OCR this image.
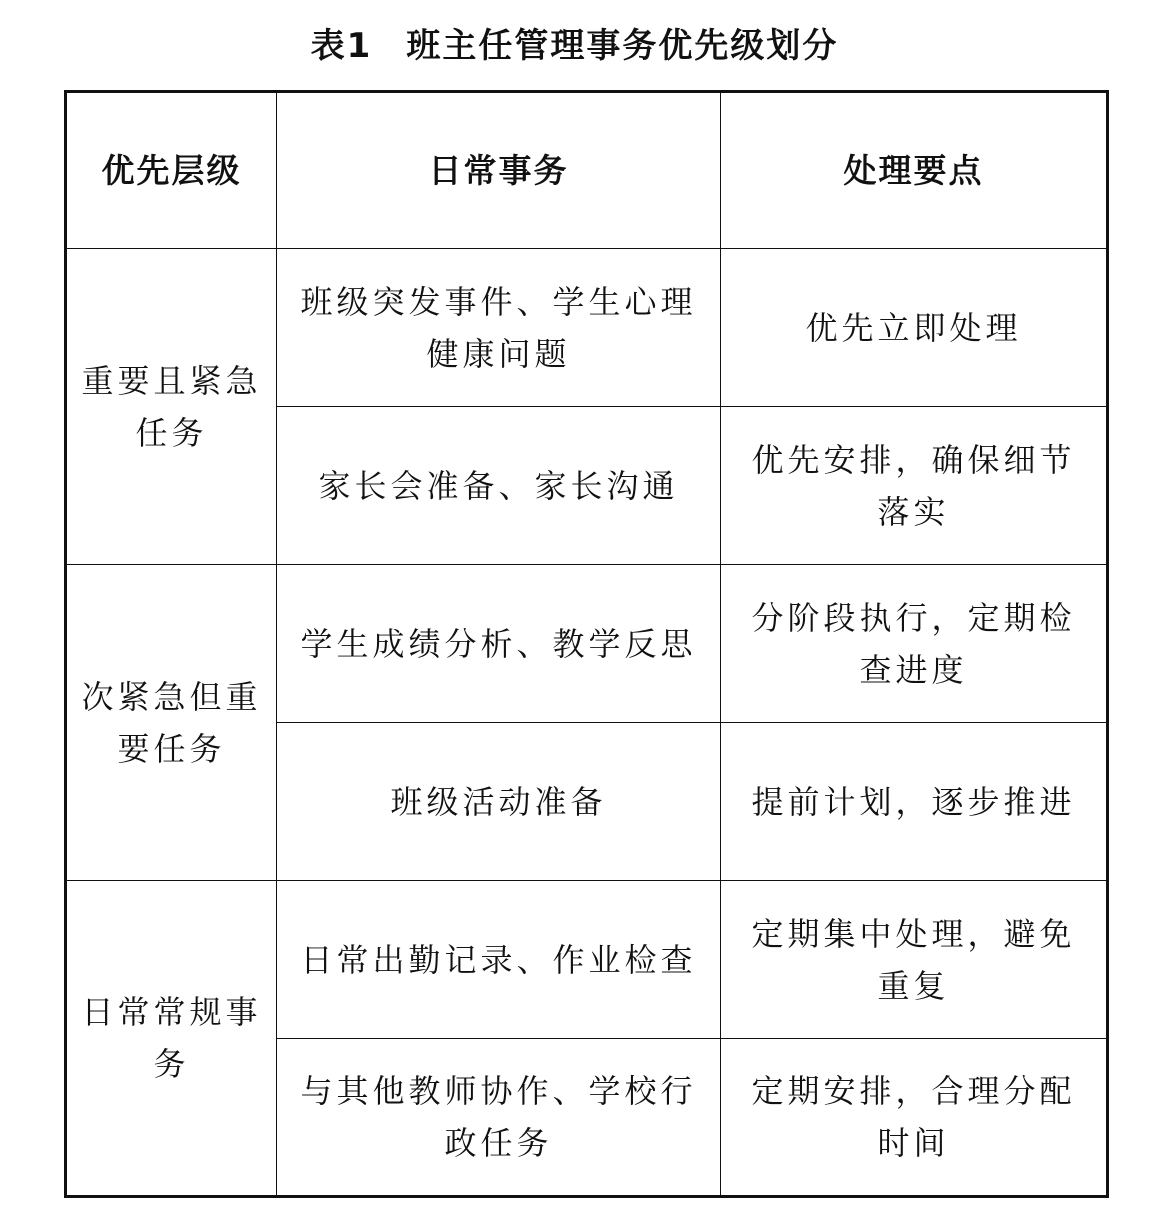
表1 班主任管理事务优先级划分
优先层级	日常事务	处理要点
重要且紧急任务	班级突发事件、学生心理健康问题	优先立即处理
	家长会准备、家长沟通	优先安排，确保细节落实
次紧急但重要任务	学生成绩分析、教学反思	分阶段执行，定期检查进度
	班级活动准备	提前计划，逐步推进
日常常规事务	日常出勤记录、作业检查	定期集中处理，避免重复
	与其他教师协作、学校行政任务	定期安排，合理分配时间
